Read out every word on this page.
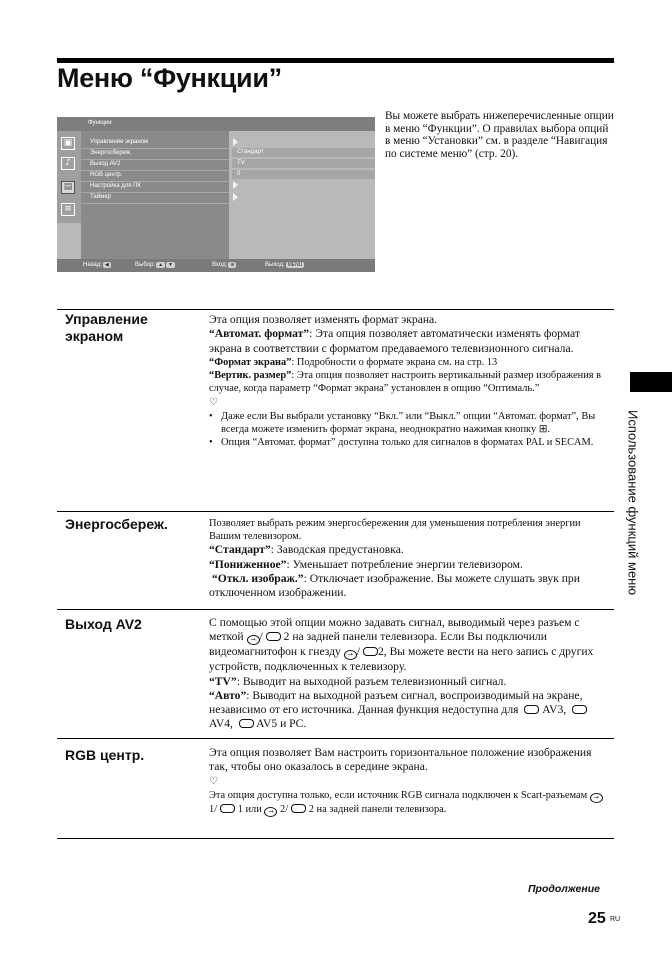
Меню “Функции”
Вы можете выбрать нижеперечисленные опции в меню “Функции”. О правилах выбора опций в меню “Установки” см. в разделе “Навигация по системе меню” (стр. 20).
Функции
▣
♪
▤
≡
Управление экраном
Энергосбереж.
Выход AV2
RGB центр.
Настройка для ПК
Таймер
Стандарт
TV
0
Назад: ◀	Выбор: ▲ ▼	Вход: ⊕	Выход: MENU
Управление экраном

Эта опция позволяет изменять формат экрана.

“Автомат. формат”: Эта опция позволяет автоматически изменять формат экрана в соответствии с форматом предаваемого телевизионного сигнала.

“Формат экрана”: Подробности о формате экрана см. на стр. 13

“Вертик. размер”: Эта опция позволяет настроить вертикальный размер изображения в случае, когда параметр “Формат экрана” установлен в опцию “Оптималь.”

♡

• Даже если Вы выбрали установку “Вкл.” или “Выкл.” опции “Автомат. формат”, Вы всегда можете изменить формат экрана, неоднократно нажимая кнопку ⊞.
• Опция “Автомат. формат” доступна только для сигналов в форматах PAL и SECAM.
Энергосбереж.	Позволяет выбрать режим энергосбережения для уменьшения потребления энергии Вашим телевизором.

“Стандарт”: Заводская предустановка.

“Пониженное”: Уменьшает потребление энергии телевизором.

“Откл. изображ.”: Отключает изображение. Вы можете слушать звук при отключенном изображении.

Выход AV2	С помощью этой опции можно задавать сигнал, выводимый через разъем с меткой → / 2 на задней панели телевизора. Если Вы подключили видеомагнитофон к гнезду → / 2, Вы можете вести на него запись с других устройств, подключенных к телевизору.

“TV”: Выводит на выходной разъем телевизионный сигнал.

“Авто”: Выводит на выходной разъем сигнал, воспроизводимый на экране, независимо от его источника. Данная функция недоступна для AV3,  AV4, AV5 и PC.

RGB центр.	Эта опция позволяет Вам настроить горизонтальное положение изображения так, чтобы оно оказалось в середине экрана.

♡

Эта опция доступна только, если источник RGB сигнала подключен к Scart-разъемам → 1/ 1 или → 2/ 2 на задней панели телевизора.

Использование функций меню
Продолжение
25 RU
